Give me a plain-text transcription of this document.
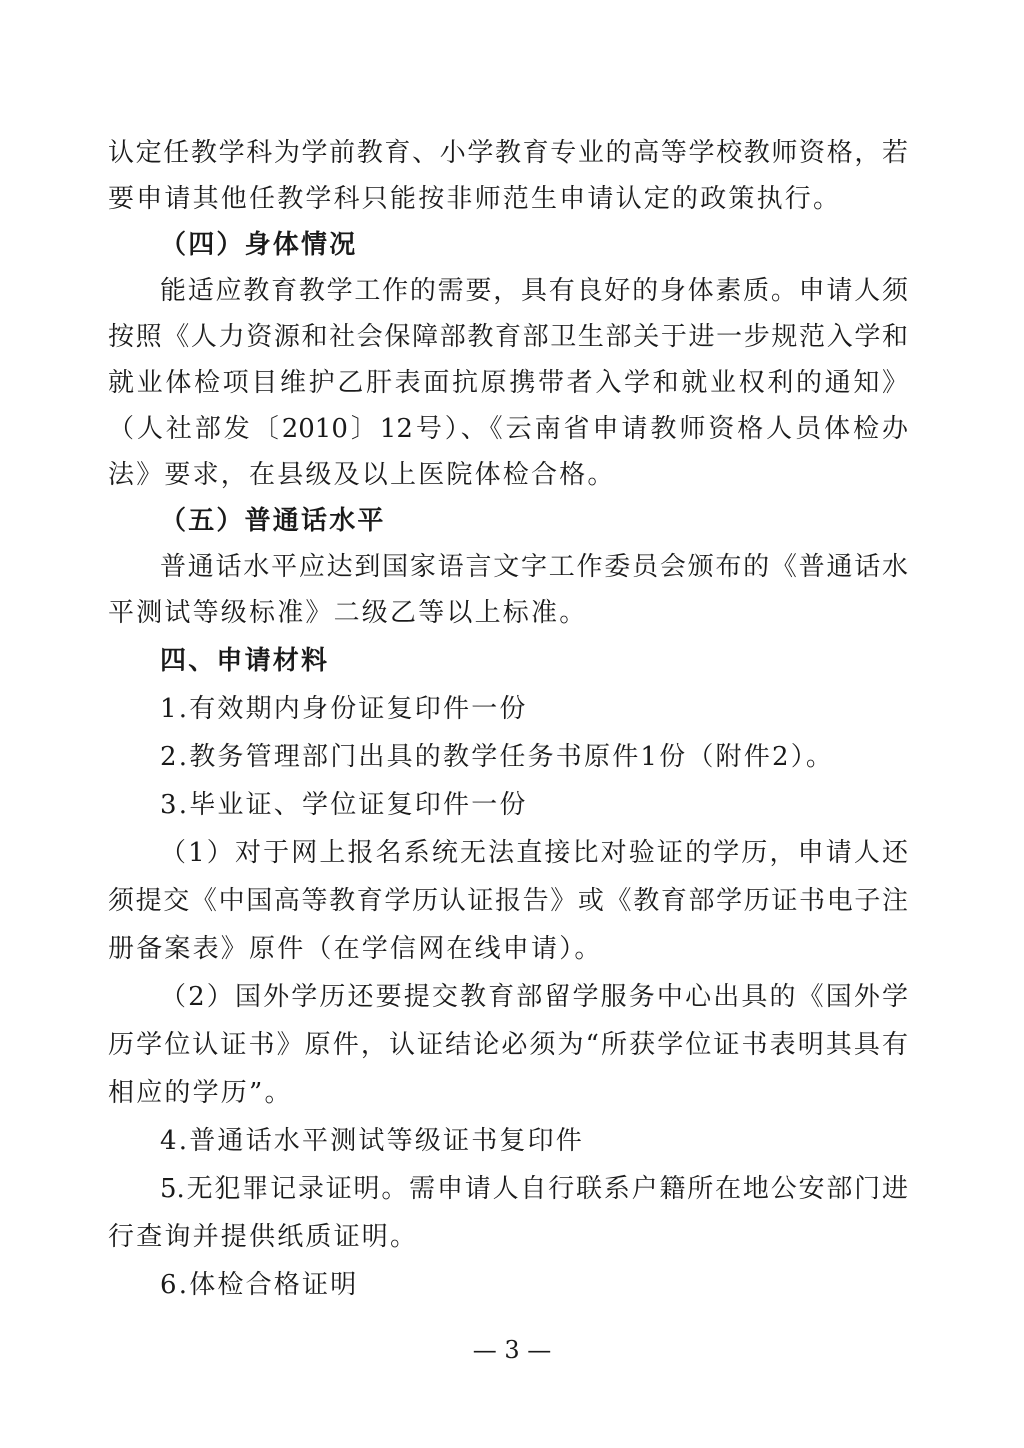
认定任教学科为学前教育、小学教育专业的高等学校教师资格，若
要申请其他任教学科只能按非师范生申请认定的政策执行。
（四）身体情况
能适应教育教学工作的需要，具有良好的身体素质。申请人须
按照《人力资源和社会保障部教育部卫生部关于进一步规范入学和
就业体检项目维护乙肝表面抗原携带者入学和就业权利的通知》
（人社部发〔2010〕12号）、《云南省申请教师资格人员体检办
法》要求，在县级及以上医院体检合格。
（五）普通话水平
普通话水平应达到国家语言文字工作委员会颁布的《普通话水
平测试等级标准》二级乙等以上标准。
四、申请材料
1.有效期内身份证复印件一份
2.教务管理部门出具的教学任务书原件1份（附件2）。
3.毕业证、学位证复印件一份
（1）对于网上报名系统无法直接比对验证的学历，申请人还
须提交《中国高等教育学历认证报告》或《教育部学历证书电子注
册备案表》原件（在学信网在线申请）。
（2）国外学历还要提交教育部留学服务中心出具的《国外学
历学位认证书》原件，认证结论必须为“所获学位证书表明其具有
相应的学历”。
4.普通话水平测试等级证书复印件
5.无犯罪记录证明。需申请人自行联系户籍所在地公安部门进
行查询并提供纸质证明。
6.体检合格证明
— 3 —
